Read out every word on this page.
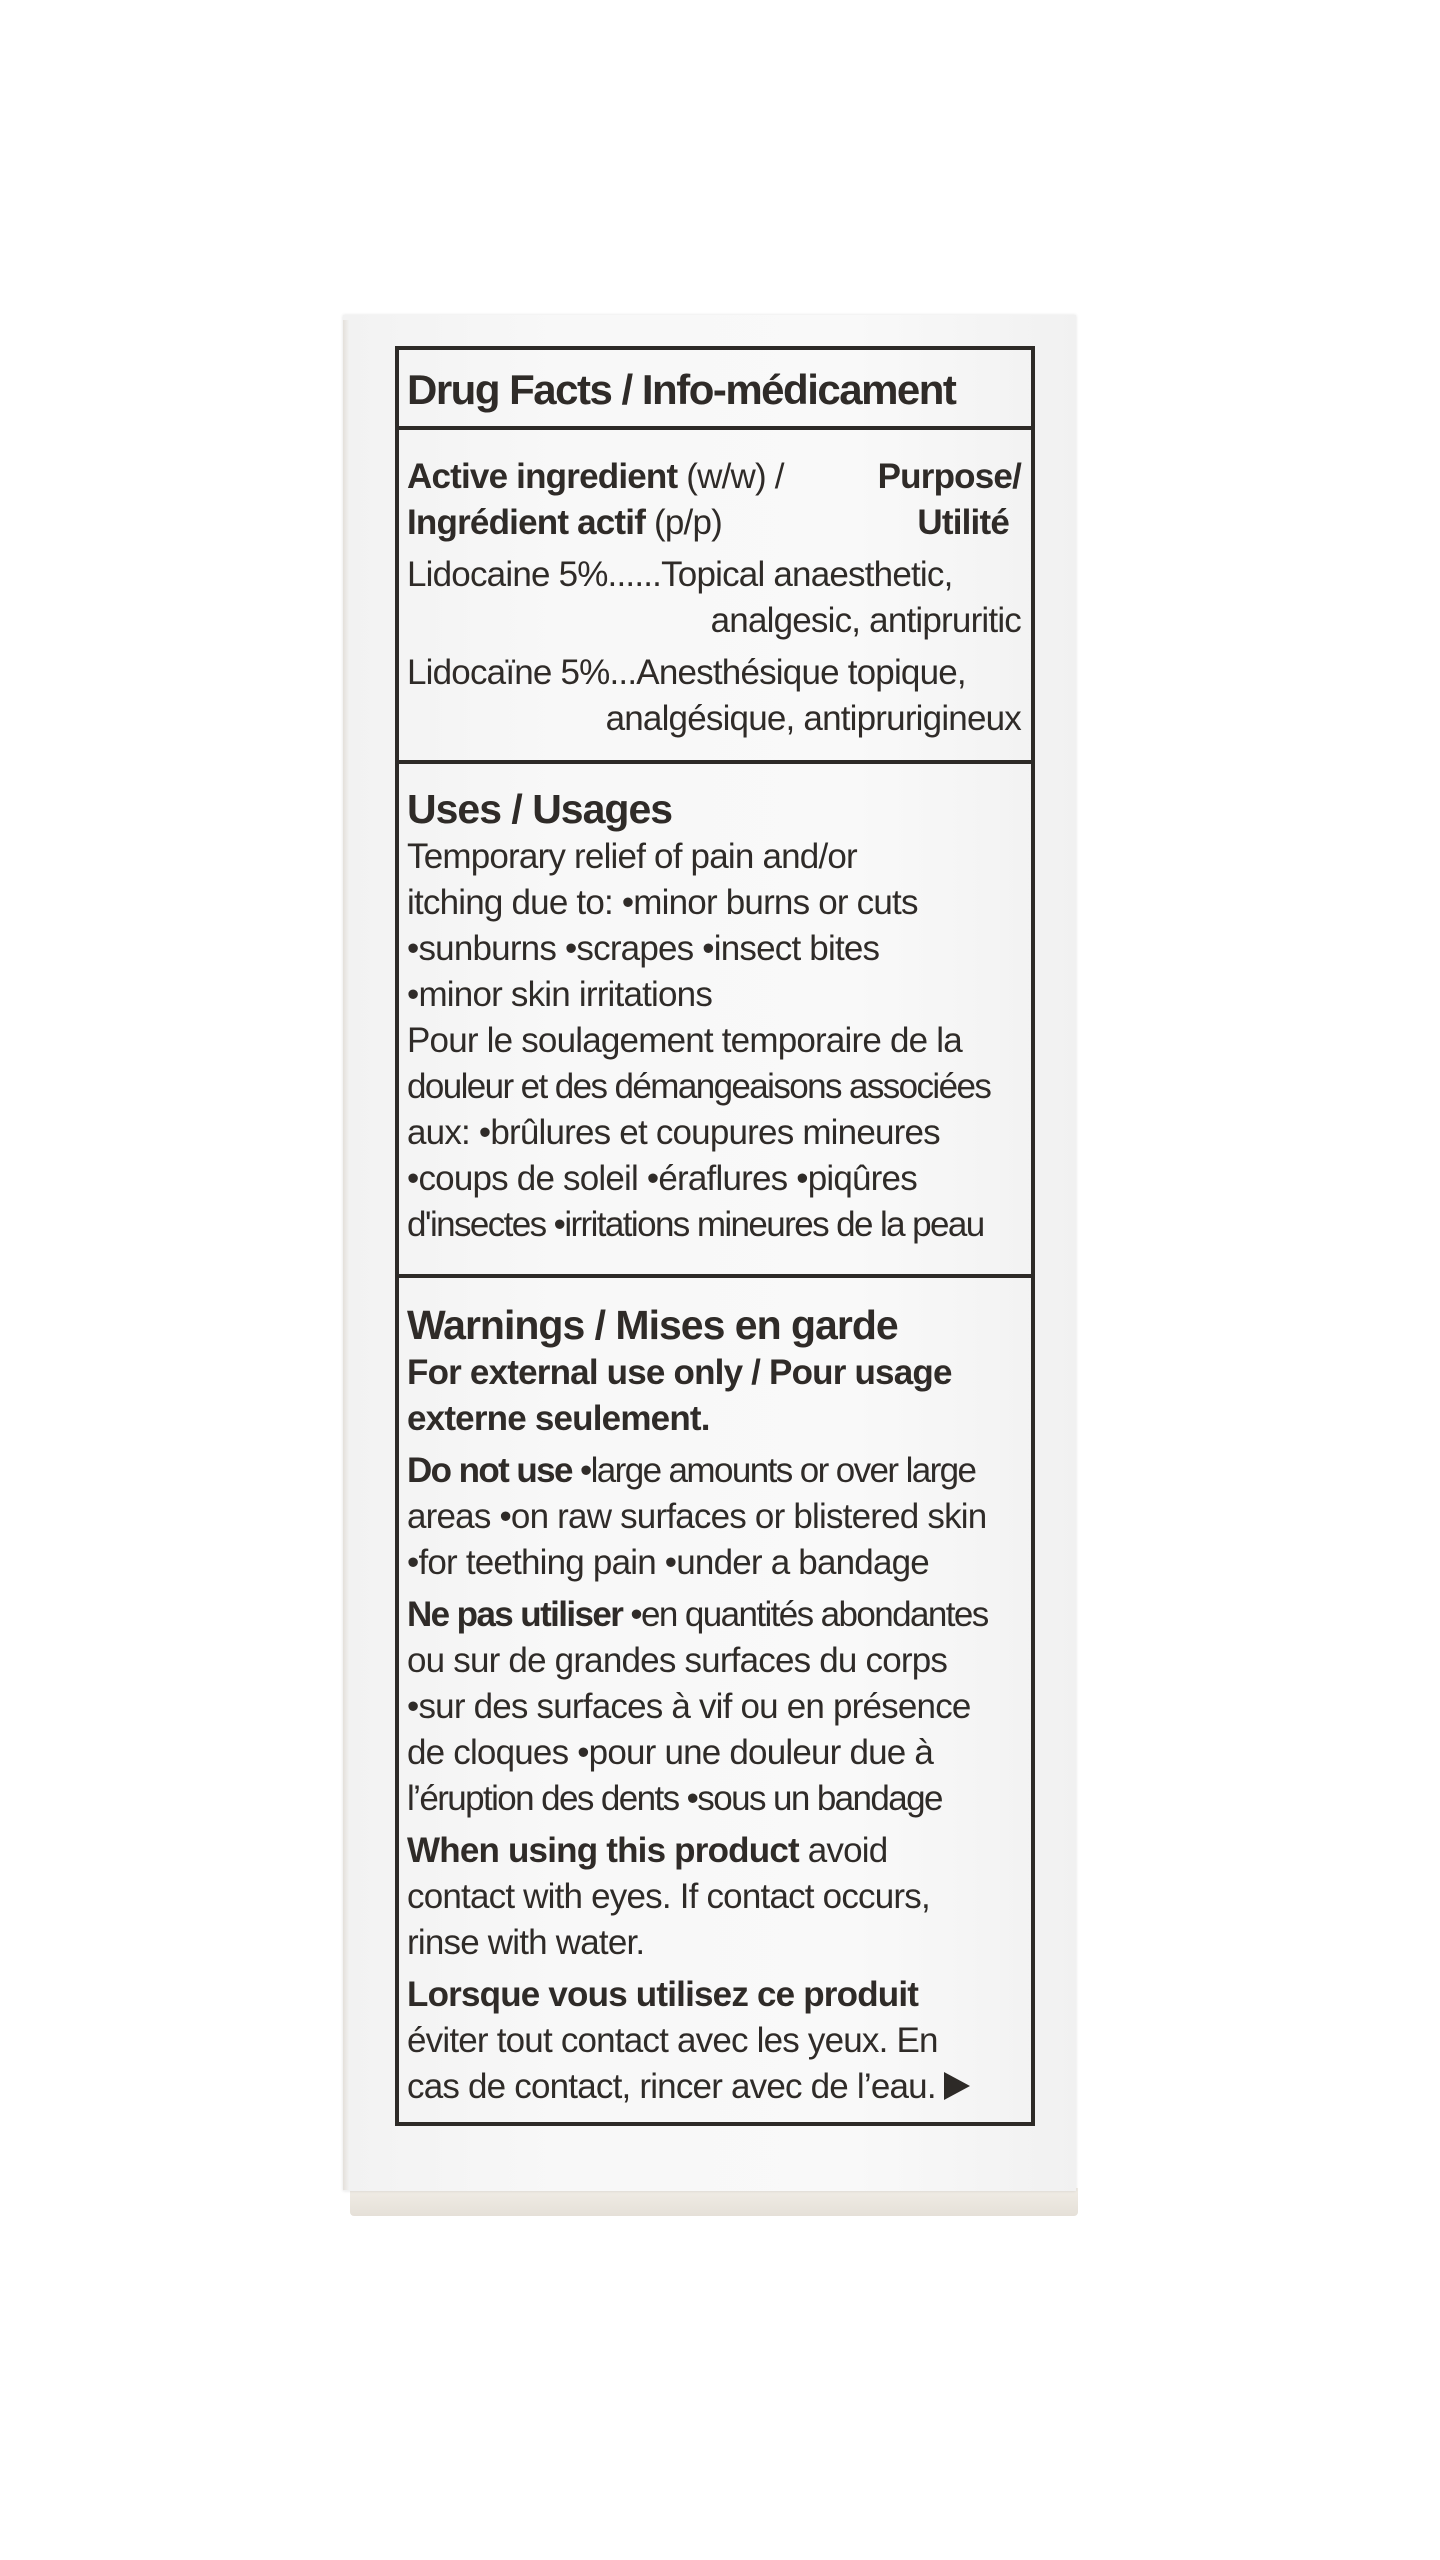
Drug Facts / Info-médicament
Active ingredient (w/w) /	Purpose/
Ingrédient actif (p/p)	Utilité
Lidocaine 5%......Topical anaesthetic,
analgesic, antipruritic
Lidocaïne 5%...Anesthésique topique,
analgésique, antiprurigineux
Uses / Usages
Temporary relief of pain and/or
itching due to: •minor burns or cuts
•sunburns •scrapes •insect bites
•minor skin irritations
Pour le soulagement temporaire de la
douleur et des démangeaisons associées
aux: •brûlures et coupures mineures
•coups de soleil •éraflures •piqûres
d'insectes •irritations mineures de la peau
Warnings / Mises en garde
For external use only / Pour usage
externe seulement.
Do not use •large amounts or over large
areas •on raw surfaces or blistered skin
•for teething pain •under a bandage
Ne pas utiliser •en quantités abondantes
ou sur de grandes surfaces du corps
•sur des surfaces à vif ou en présence
de cloques •pour une douleur due à
l’éruption des dents •sous un bandage
When using this product avoid
contact with eyes. If contact occurs,
rinse with water.
Lorsque vous utilisez ce produit
éviter tout contact avec les yeux. En
cas de contact, rincer avec de l’eau.
